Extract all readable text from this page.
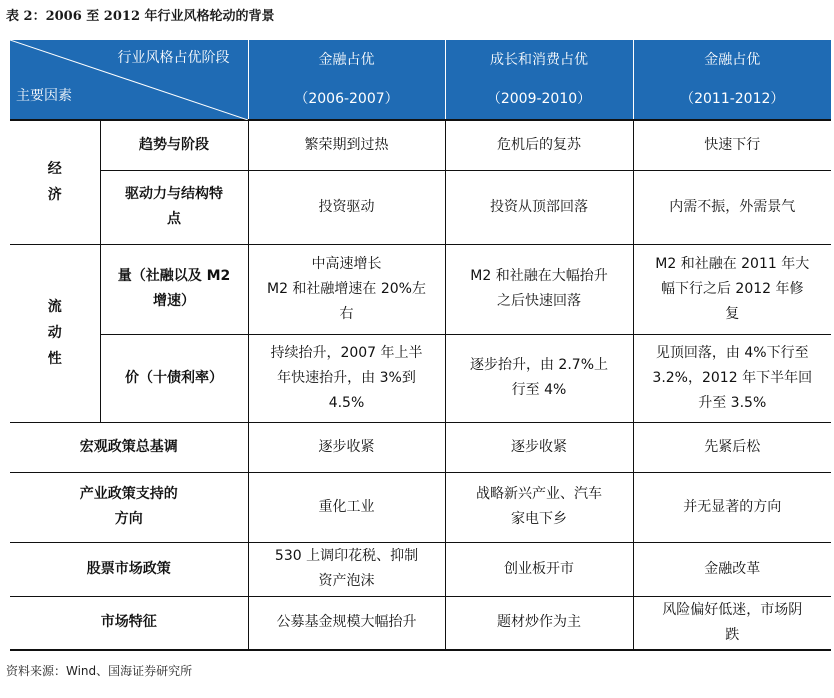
表 2：2006 至 2012 年行业风格轮动的背景
行业风格占优阶段
主要因素		金融占优	成长和消费占优	金融占优
		（2006-2007）	（2009-2010）	（2011-2012）
经
济	趋势与阶段	繁荣期到过热	危机后的复苏	快速下行
	驱动力与结构特
点	投资驱动	投资从顶部回落	内需不振，外需景气
流
动
性	量（社融以及 M2
增速）	中高速增长
M2 和社融增速在 20%左
右	M2 和社融在大幅抬升
之后快速回落	M2 和社融在 2011 年大
幅下行之后 2012 年修
复
	价（十债利率）	持续抬升，2007 年上半
年快速抬升，由 3%到
4.5%	逐步抬升，由 2.7%上
行至 4%	见顶回落，由 4%下行至
3.2%，2012 年下半年回
升至 3.5%
宏观政策总基调		逐步收紧	逐步收紧	先紧后松
产业政策支持的
方向		重化工业	战略新兴产业、汽车
家电下乡	并无显著的方向
股票市场政策		530 上调印花税、抑制
资产泡沫	创业板开市	金融改革
市场特征		公募基金规模大幅抬升	题材炒作为主	风险偏好低迷，市场阴
跌
资料来源：Wind、国海证券研究所
